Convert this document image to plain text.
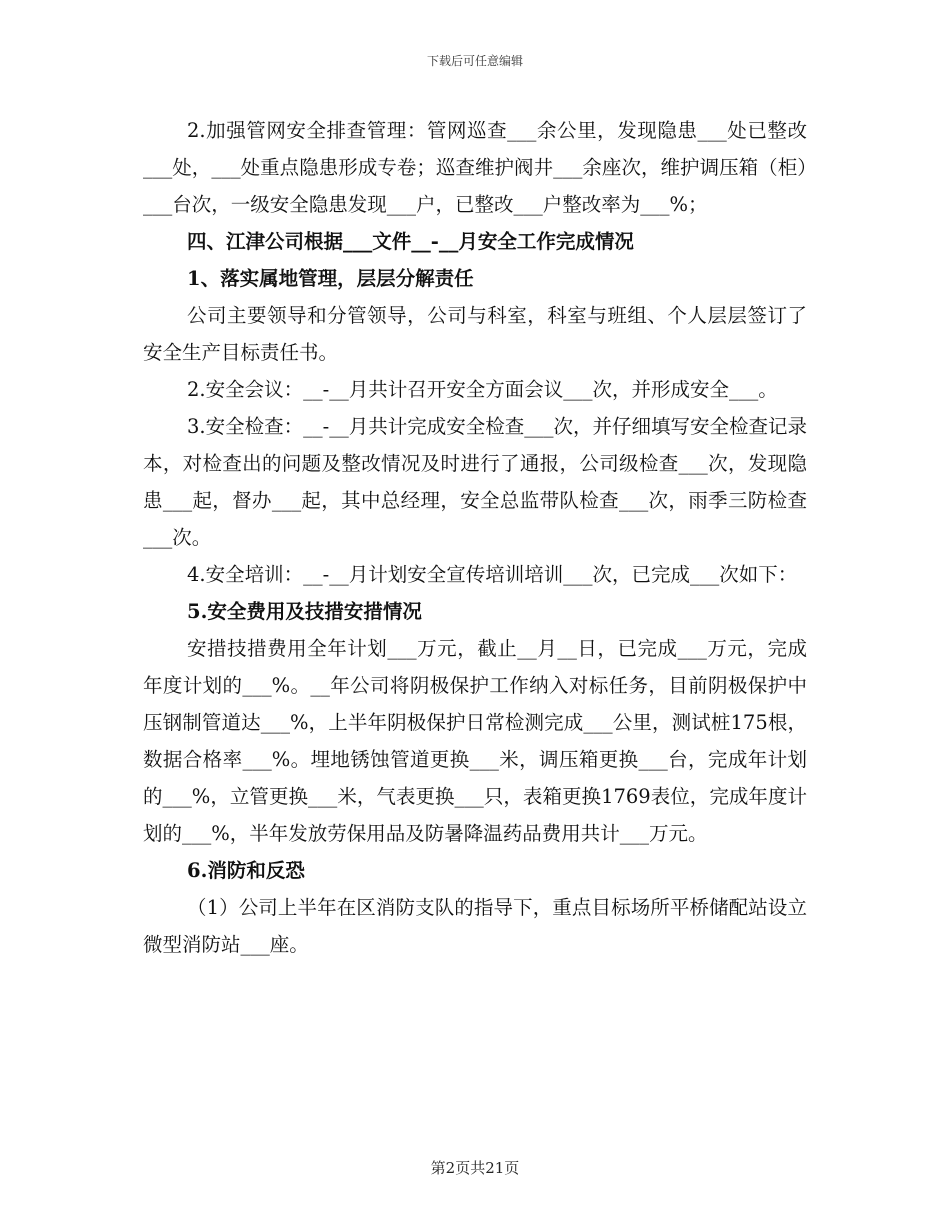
下载后可任意编辑

2.加强管网安全排查管理：管网巡查___余公里，发现隐患___处已整改___处，___处重点隐患形成专卷；巡查维护阀井___余座次，维护调压箱（柜）___台次，一级安全隐患发现___户，已整改___户整改率为___%；

四、江津公司根据___文件__-__月安全工作完成情况

1、落实属地管理，层层分解责任

公司主要领导和分管领导，公司与科室，科室与班组、个人层层签订了安全生产目标责任书。

2.安全会议：__-__月共计召开安全方面会议___次，并形成安全___。

3.安全检查：__-__月共计完成安全检查___次，并仔细填写安全检查记录本，对检查出的问题及整改情况及时进行了通报，公司级检查___次，发现隐患___起，督办___起，其中总经理，安全总监带队检查___次，雨季三防检查___次。

4.安全培训：__-__月计划安全宣传培训培训___次，已完成___次如下：

5.安全费用及技措安措情况

安措技措费用全年计划___万元，截止__月__日，已完成___万元，完成年度计划的___%。__年公司将阴极保护工作纳入对标任务，目前阴极保护中压钢制管道达___%，上半年阴极保护日常检测完成___公里，测试桩175根，数据合格率___%。埋地锈蚀管道更换___米，调压箱更换___台，完成年计划的___%，立管更换___米，气表更换___只，表箱更换1769表位，完成年度计划的___%，半年发放劳保用品及防暑降温药品费用共计___万元。

6.消防和反恐

（1）公司上半年在区消防支队的指导下，重点目标场所平桥储配站设立微型消防站___座。

第2页共21页
